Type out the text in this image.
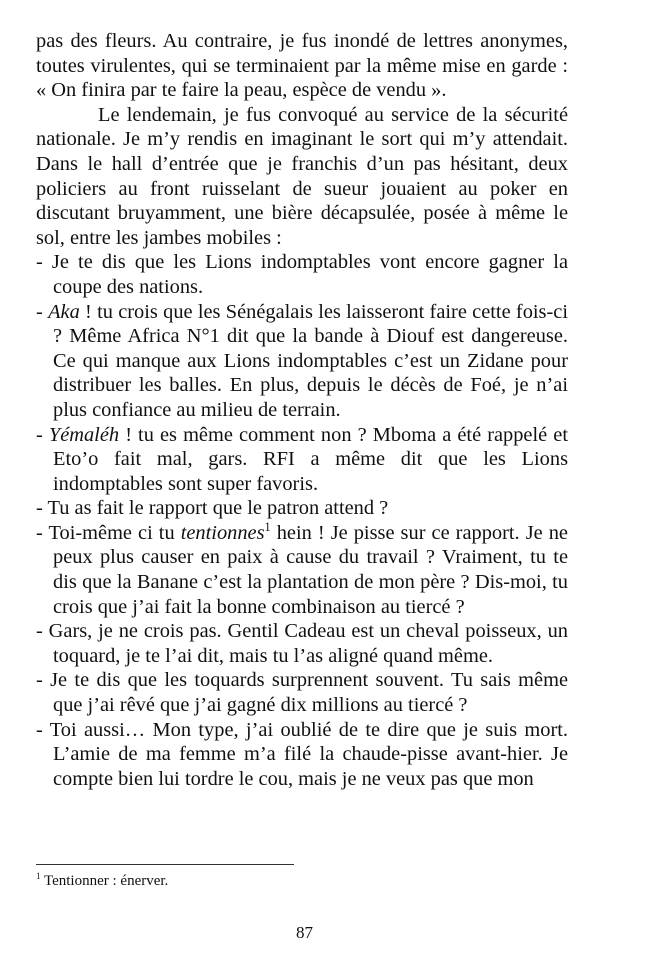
pas des fleurs. Au contraire, je fus inondé de lettres anonymes, toutes virulentes, qui se terminaient par la même mise en garde : « On finira par te faire la peau, espèce de vendu ».

Le lendemain, je fus convoqué au service de la sécurité nationale. Je m’y rendis en imaginant le sort qui m’y attendait. Dans le hall d’entrée que je franchis d’un pas hésitant, deux policiers au front ruisselant de sueur jouaient au poker en discutant bruyamment, une bière décapsulée, posée à même le sol, entre les jambes mobiles :

- Je te dis que les Lions indomptables vont encore gagner la coupe des nations.

- Aka ! tu crois que les Sénégalais les laisseront faire cette fois-ci ? Même Africa N°1 dit que la bande à Diouf est dangereuse. Ce qui manque aux Lions indomptables c’est un Zidane pour distribuer les balles. En plus, depuis le décès de Foé, je n’ai plus confiance au milieu de terrain.

- Yémaléh ! tu es même comment non ? Mboma a été rappelé et Eto’o fait mal, gars. RFI a même dit que les Lions indomptables sont super favoris.

- Tu as fait le rapport que le patron attend ?

- Toi-même ci tu tentionnes$^1$ hein ! Je pisse sur ce rapport. Je ne peux plus causer en paix à cause du travail ? Vraiment, tu te dis que la Banane c’est la plantation de mon père ? Dis-moi, tu crois que j’ai fait la bonne combinaison au tiercé ?

- Gars, je ne crois pas. Gentil Cadeau est un cheval poisseux, un toquard, je te l’ai dit, mais tu l’as aligné quand même.

- Je te dis que les toquards surprennent souvent. Tu sais même que j’ai rêvé que j’ai gagné dix millions au tiercé ?

- Toi aussi… Mon type, j’ai oublié de te dire que je suis mort. L’amie de ma femme m’a filé la chaude-pisse avant-hier. Je compte bien lui tordre le cou, mais je ne veux pas que mon

$^1$ Tentionner : énerver.
87
